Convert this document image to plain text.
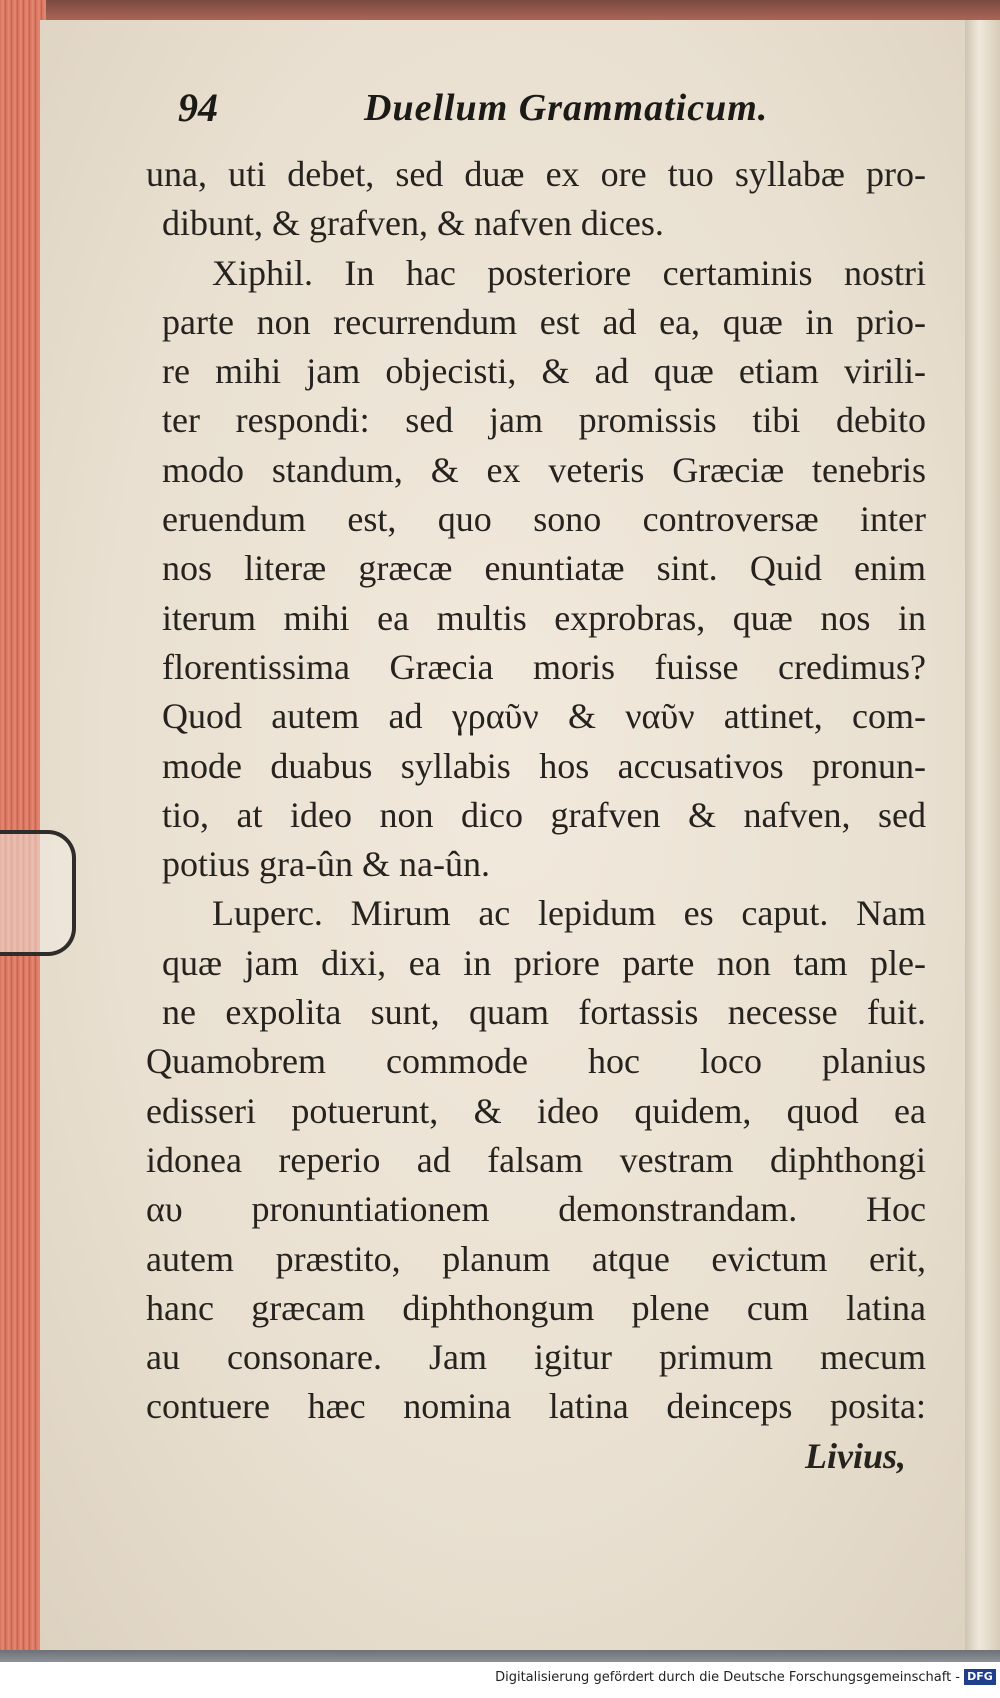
94	Duellum Grammaticum.
una, uti debet, sed duæ ex ore tuo syllabæ pro-
dibunt, & grafven, & nafven dices.
Xiphil. In hac posteriore certaminis nostri
parte non recurrendum est ad ea, quæ in prio-
re mihi jam objecisti, & ad quæ etiam virili-
ter respondi: sed jam promissis tibi debito
modo standum, & ex veteris Græciæ tenebris
eruendum est, quo sono controversæ inter
nos literæ græcæ enuntiatæ sint. Quid enim
iterum mihi ea multis exprobras, quæ nos in
florentissima Græcia moris fuisse credimus?
Quod autem ad γραῦν & ναῦν attinet, com-
mode duabus syllabis hos accusativos pronun-
tio, at ideo non dico grafven & nafven, sed
potius gra-ûn & na-ûn.
Luperc. Mirum ac lepidum es caput. Nam
quæ jam dixi, ea in priore parte non tam ple-
ne expolita sunt, quam fortassis necesse fuit.
Quamobrem commode hoc loco planius
edisseri potuerunt, & ideo quidem, quod ea
idonea reperio ad falsam vestram diphthongi
αυ pronuntiationem demonstrandam. Hoc
autem præstito, planum atque evictum erit,
hanc græcam diphthongum plene cum latina
au consonare. Jam igitur primum mecum
contuere hæc nomina latina deinceps posita:
Livius,
Digitalisierung gefördert durch die Deutsche Forschungsgemeinschaft - DFG
